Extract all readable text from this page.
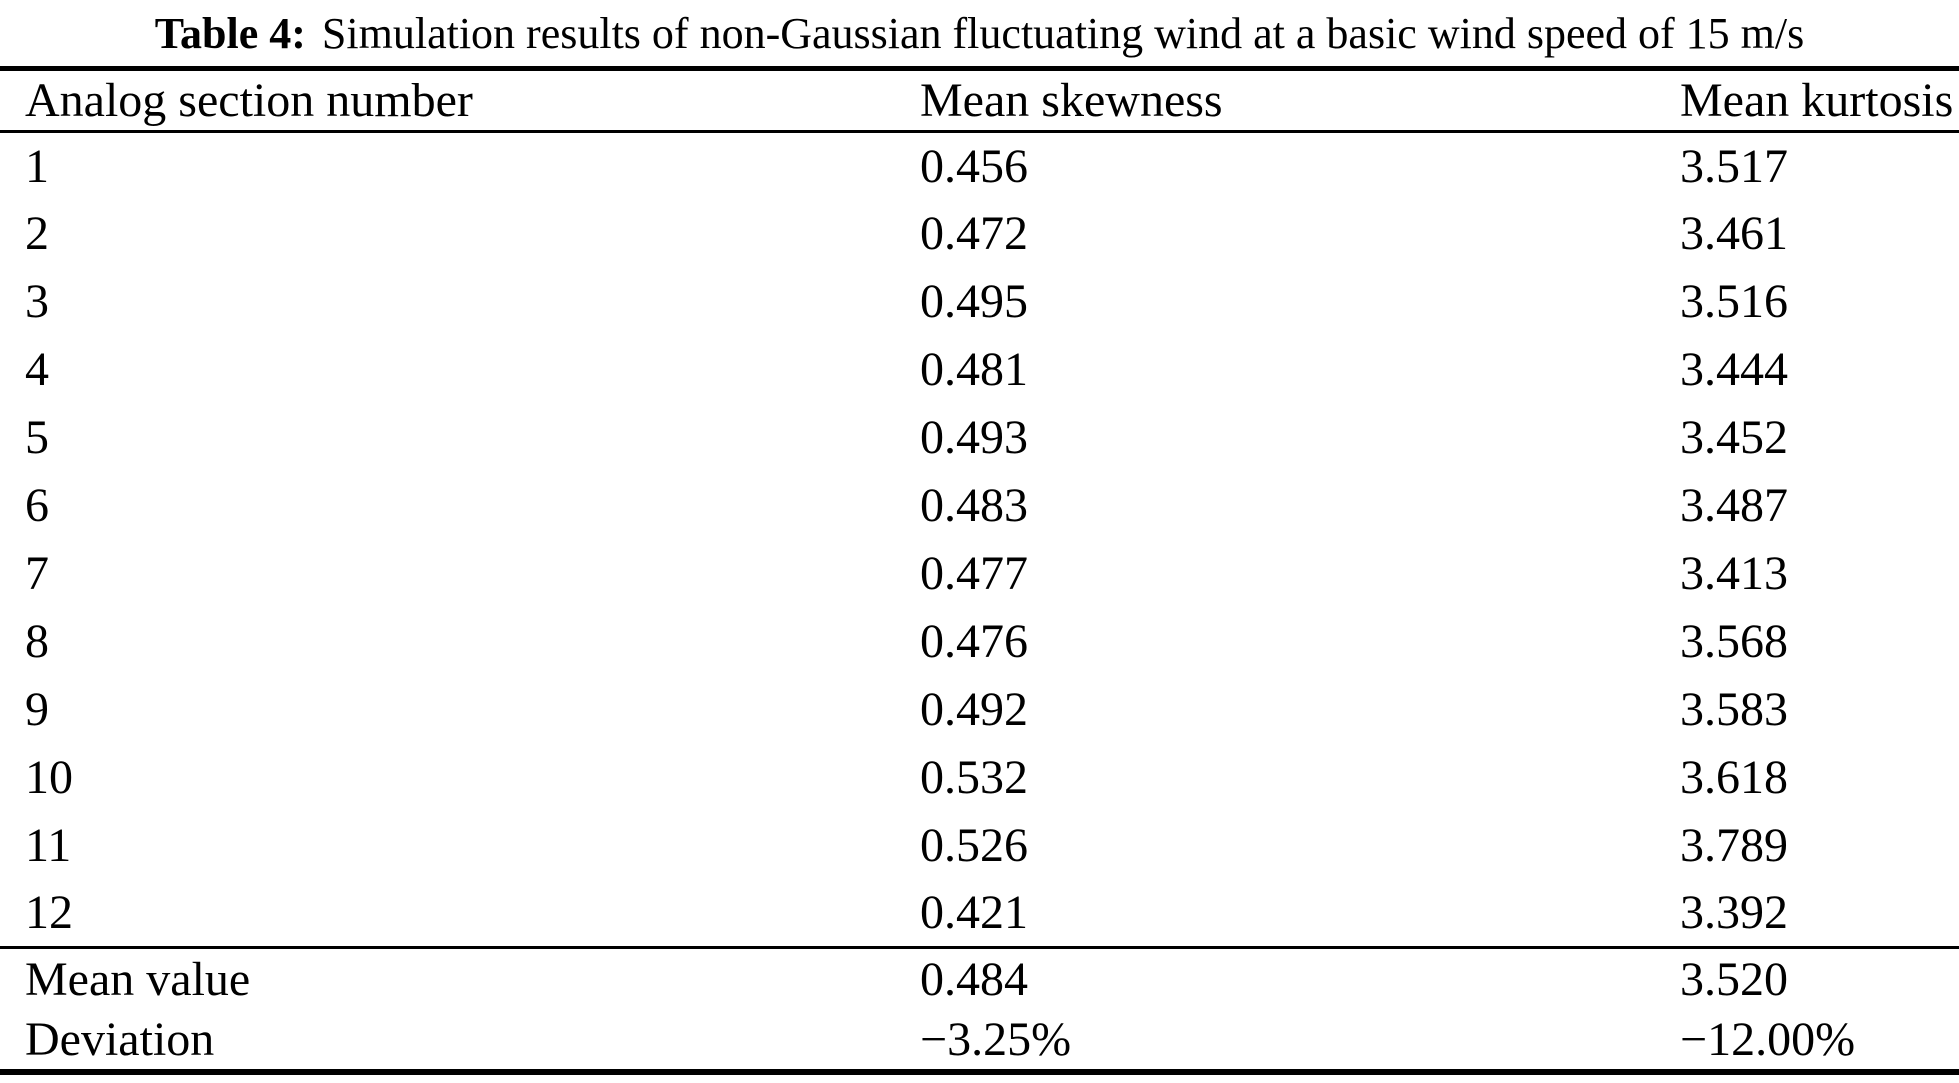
Table 4: Simulation results of non-Gaussian fluctuating wind at a basic wind speed of 15 m/s
Analog section number	Mean skewness	Mean kurtosis
1	0.456	3.517
2	0.472	3.461
3	0.495	3.516
4	0.481	3.444
5	0.493	3.452
6	0.483	3.487
7	0.477	3.413
8	0.476	3.568
9	0.492	3.583
10	0.532	3.618
11	0.526	3.789
12	0.421	3.392
Mean value	0.484	3.520
Deviation	−3.25%	−12.00%
